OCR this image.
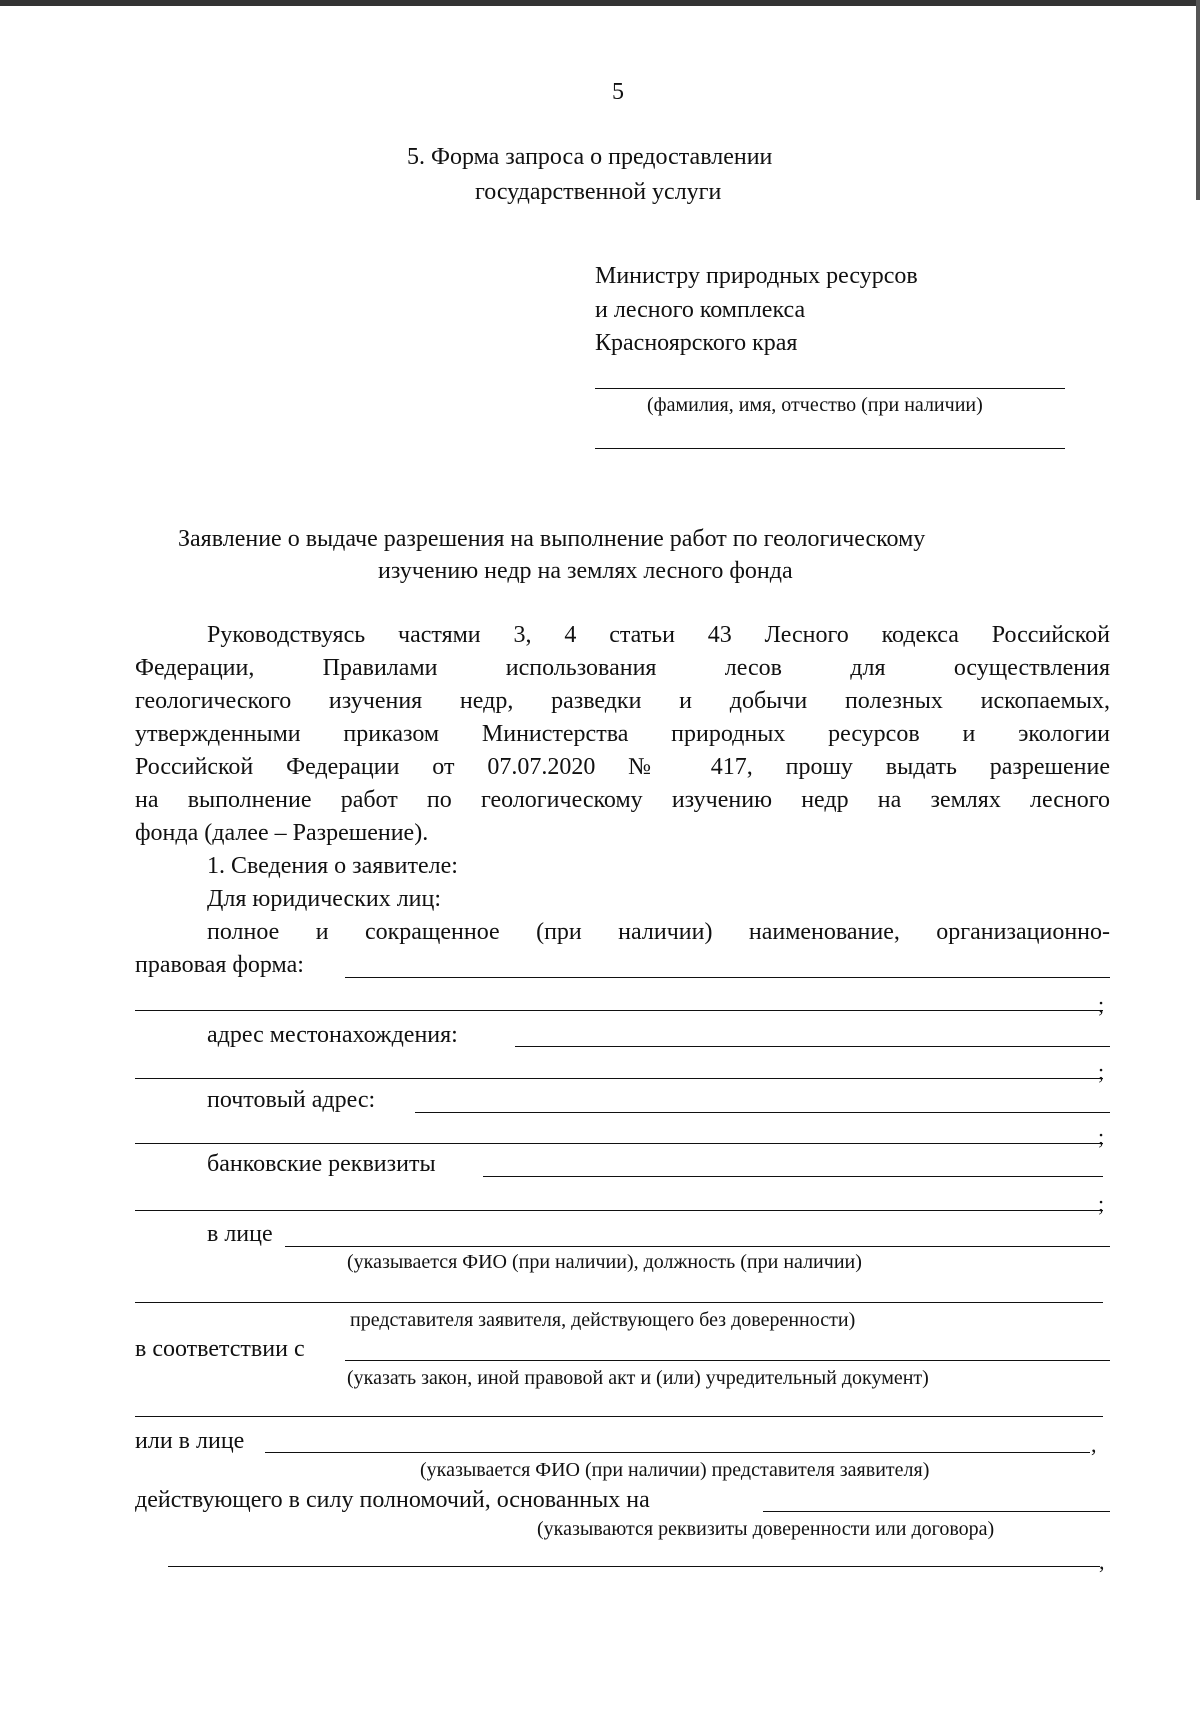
5
5. Форма запроса о предоставлении
государственной услуги
Министру природных ресурсов
и лесного комплекса
Красноярского края
(фамилия, имя, отчество (при наличии)
Заявление о выдаче разрешения на выполнение работ по геологическому
изучению недр на землях лесного фонда
Руководствуясь частями 3, 4 статьи 43 Лесного кодекса Российской
Федерации, Правилами использования лесов для осуществления
геологического изучения недр, разведки и добычи полезных ископаемых,
утвержденными приказом Министерства природных ресурсов и экологии
Российской Федерации от 07.07.2020 № 417, прошу выдать разрешение
на выполнение работ по геологическому изучению недр на землях лесного
фонда (далее – Разрешение).
1. Сведения о заявителе:
Для юридических лиц:
полное и сокращенное (при наличии) наименование, организационно-
правовая форма:
;
адрес местонахождения:
;
почтовый адрес:
;
банковские реквизиты
;
в лице
(указывается ФИО (при наличии), должность (при наличии)
представителя заявителя, действующего без доверенности)
в соответствии с
(указать закон, иной правовой акт и (или) учредительный документ)
или в лице	,
(указывается ФИО (при наличии) представителя заявителя)
действующего в силу полномочий, основанных на
(указываются реквизиты доверенности или договора)
,
